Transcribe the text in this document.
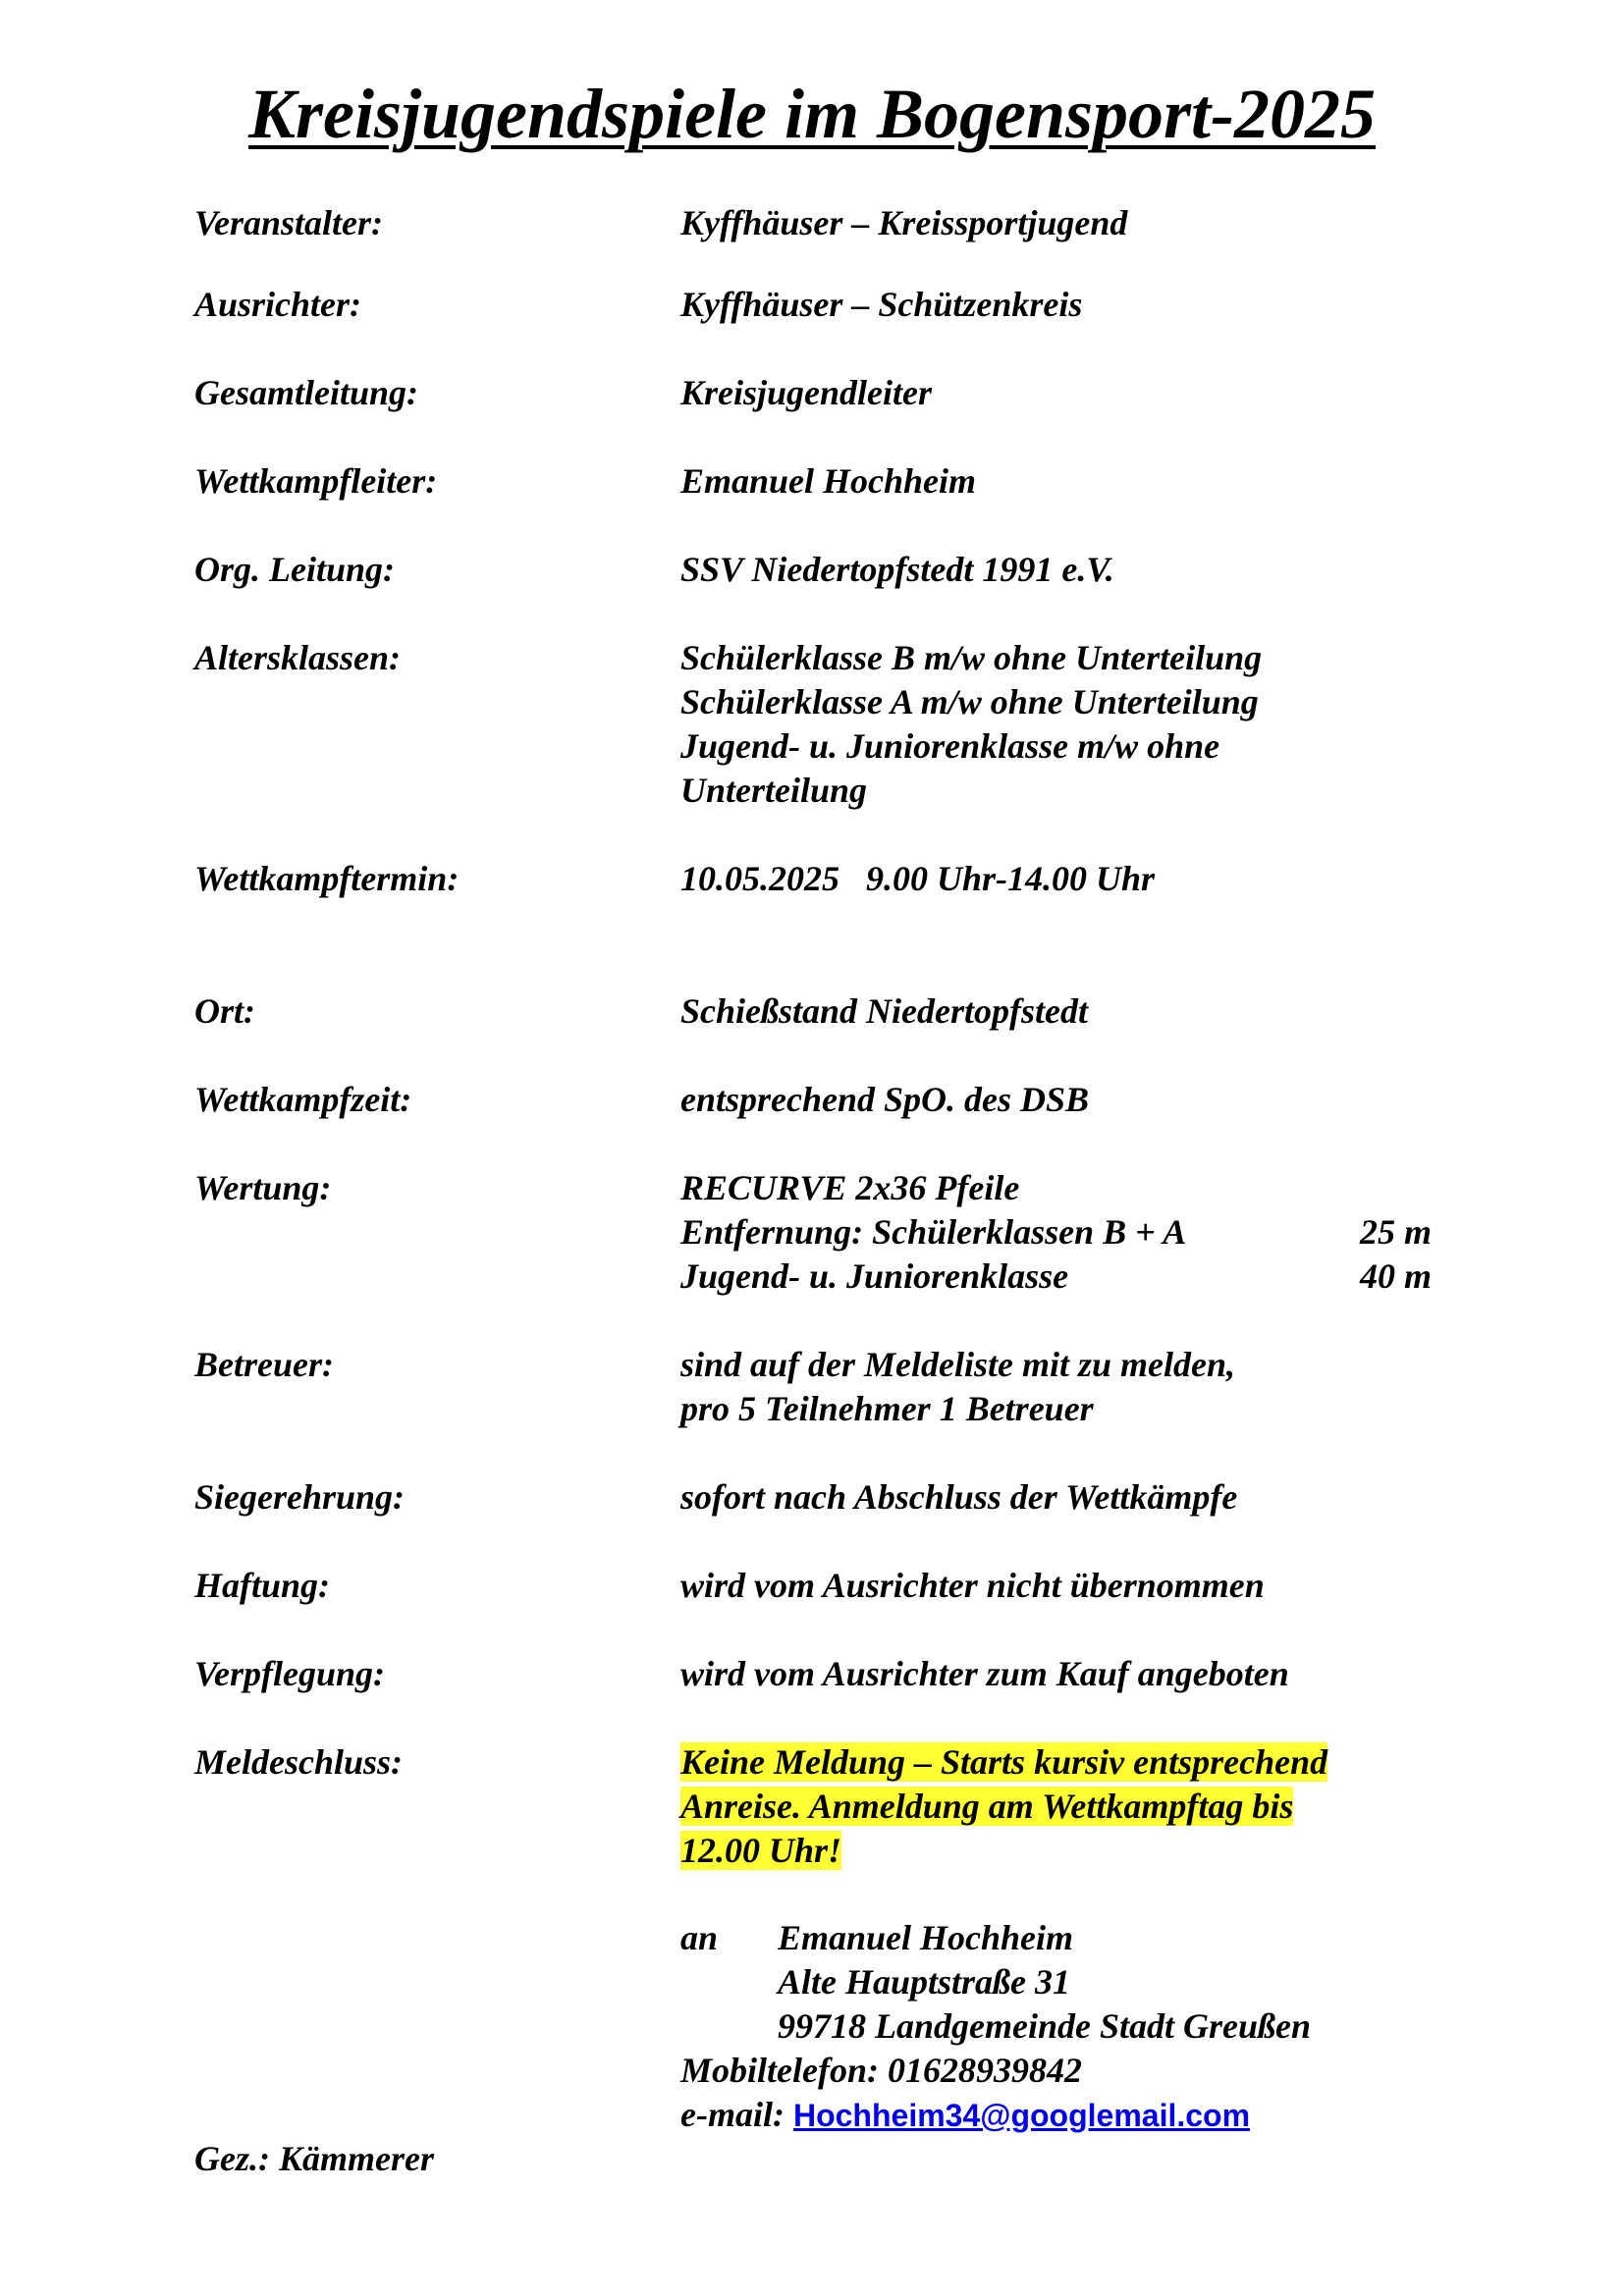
Kreisjugendspiele im Bogensport-2025
Veranstalter:	Kyffhäuser – Kreissportjugend
Ausrichter:	Kyffhäuser – Schützenkreis
Gesamtleitung:	Kreisjugendleiter
Wettkampfleiter:	Emanuel Hochheim
Org. Leitung:	SSV Niedertopfstedt 1991 e.V.
Altersklassen:	Schülerklasse B m/w ohne Unterteilung
Schülerklasse A m/w ohne Unterteilung
Jugend- u. Juniorenklasse m/w ohne
Unterteilung
Wettkampftermin:	10.05.2025   9.00 Uhr-14.00 Uhr
Ort:	Schießstand Niedertopfstedt
Wettkampfzeit:	entsprechend SpO. des DSB
Wertung:	RECURVE 2x36 Pfeile
Entfernung: Schülerklassen B + A	25 m
Jugend- u. Juniorenklasse	40 m
Betreuer:	sind auf der Meldeliste mit zu melden,
pro 5 Teilnehmer 1 Betreuer
Siegerehrung:	sofort nach Abschluss der Wettkämpfe
Haftung:	wird vom Ausrichter nicht übernommen
Verpflegung:	wird vom Ausrichter zum Kauf angeboten
Meldeschluss:	Keine Meldung – Starts kursiv entsprechend
Anreise. Anmeldung am Wettkampftag bis
12.00 Uhr!
an Emanuel Hochheim
Alte Hauptstraße 31
99718 Landgemeinde Stadt Greußen
Mobiltelefon: 01628939842
e-mail: Hochheim34@googlemail.com
Gez.: Kämmerer
